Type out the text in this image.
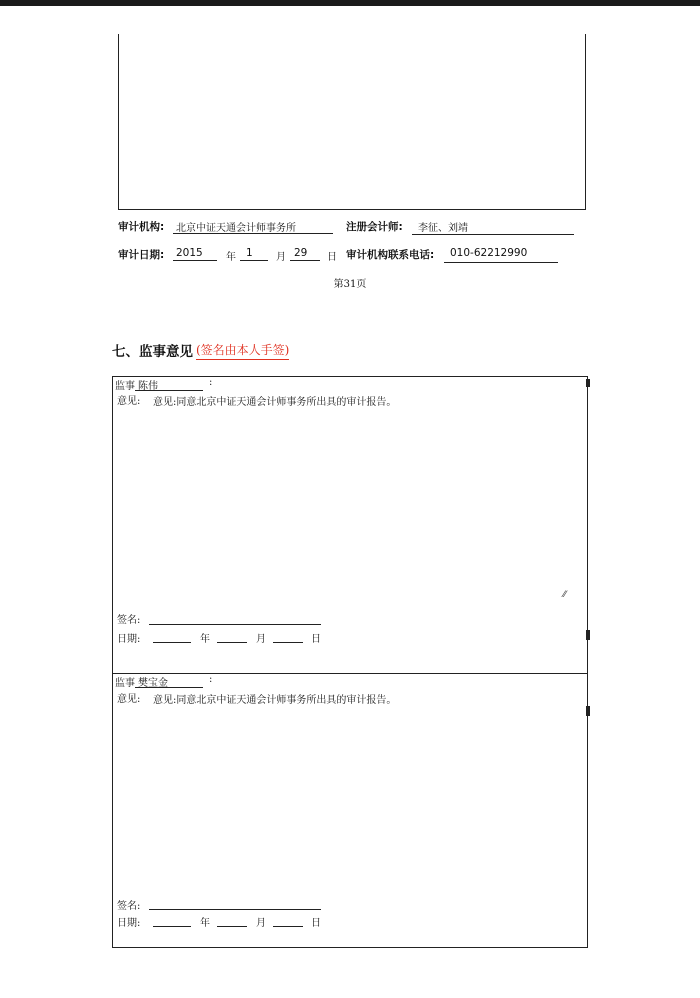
审计机构: 北京中证天通会计师事务所	注册会计师: 李征、刘靖
审计日期: 2015 年 1 月 29 日 审计机构联系电话: 010-62212990
第31页
七、监事意见 (签名由本人手签)
监事 陈伟	:
意见: 意见:同意北京中证天通会计师事务所出具的审计报告。
⁄⁄
签名:
日期:	年	月	日
监事 樊宝金	:
意见: 意见:同意北京中证天通会计师事务所出具的审计报告。
签名:
日期:	年	月	日
